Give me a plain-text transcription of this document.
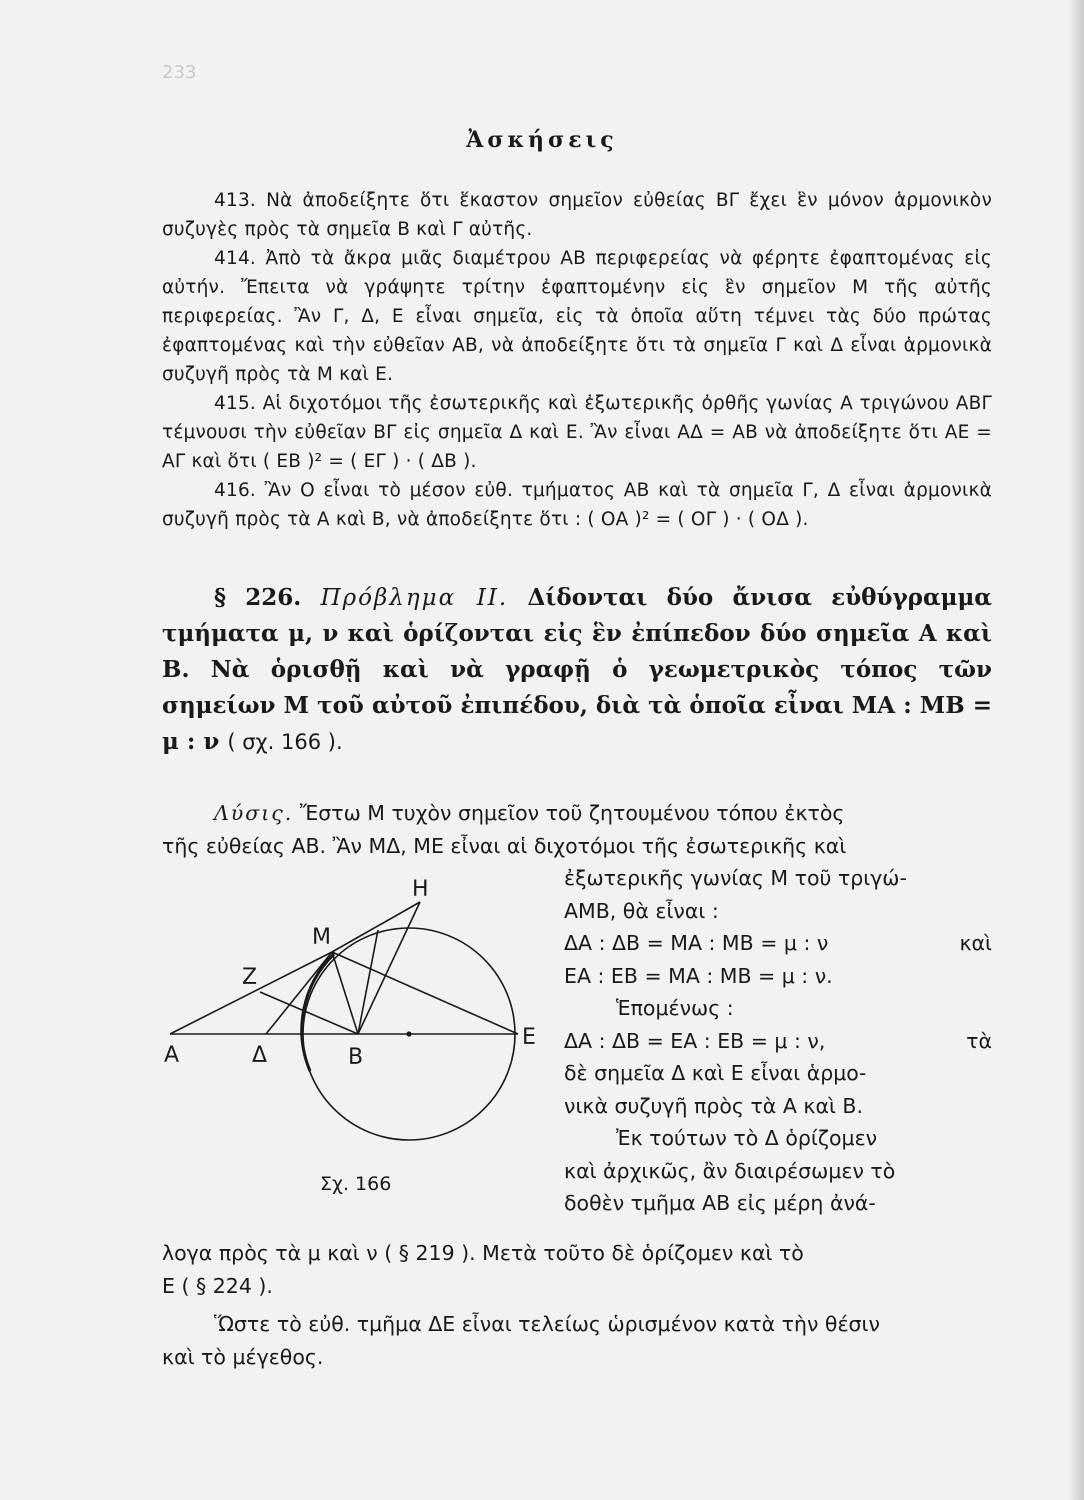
233
Ἀσκήσεις

413. Νὰ ἀποδείξητε ὅτι ἕκαστον σημεῖον εὐθείας ΒΓ ἔχει ἓν μόνον ἁρμονικὸν συζυγὲς πρὸς τὰ σημεῖα Β καὶ Γ αὐτῆς.

414. Ἀπὸ τὰ ἄκρα μιᾶς διαμέτρου ΑΒ περιφερείας νὰ φέρητε ἐφαπτομένας εἰς αὐτήν. Ἔπειτα νὰ γράψητε τρίτην ἐφαπτομένην εἰς ἓν σημεῖον Μ τῆς αὐτῆς περιφερείας. Ἂν Γ, Δ, Ε εἶναι σημεῖα, εἰς τὰ ὁποῖα αὕτη τέμνει τὰς δύο πρώτας ἐφαπτομένας καὶ τὴν εὐθεῖαν ΑΒ, νὰ ἀποδείξητε ὅτι τὰ σημεῖα Γ καὶ Δ εἶναι ἁρμονικὰ συζυγῆ πρὸς τὰ Μ καὶ Ε.

415. Αἱ διχοτόμοι τῆς ἐσωτερικῆς καὶ ἐξωτερικῆς ὀρθῆς γωνίας Α τριγώνου ΑΒΓ τέμνουσι τὴν εὐθεῖαν ΒΓ εἰς σημεῖα Δ καὶ Ε. Ἂν εἶναι ΑΔ = ΑΒ νὰ ἀποδείξητε ὅτι ΑΕ = ΑΓ καὶ ὅτι ( ΕΒ )² = ( ΕΓ ) · ( ΔΒ ).

416. Ἂν Ο εἶναι τὸ μέσον εὐθ. τμήματος ΑΒ καὶ τὰ σημεῖα Γ, Δ εἶναι ἁρμονικὰ συζυγῆ πρὸς τὰ Α καὶ Β, νὰ ἀποδείξητε ὅτι : ( ΟΑ )² = ( ΟΓ ) · ( ΟΔ ).

§ 226. Πρόβλημα ΙΙ. Δίδονται δύο ἄνισα εὐθύγραμμα τμήματα μ, ν καὶ ὁρίζονται εἰς ἓν ἐπίπεδον δύο σημεῖα Α καὶ Β. Νὰ ὁρισθῇ καὶ νὰ γραφῇ ὁ γεωμετρικὸς τόπος τῶν σημείων Μ τοῦ αὐτοῦ ἐπιπέδου, διὰ τὰ ὁποῖα εἶναι ΜΑ : ΜΒ = μ : ν ( σχ. 166 ).

Λύσις. Ἔστω Μ τυχὸν σημεῖον τοῦ ζητουμένου τόπου ἐκτὸς
τῆς εὐθείας ΑΒ. Ἂν ΜΔ, ΜΕ εἶναι αἱ διχοτόμοι τῆς ἐσωτερικῆς καὶ
ἐξωτερικῆς γωνίας Μ τοῦ τριγώ-
ΑΜΒ, θὰ εἶναι :
ΔΑ : ΔΒ = ΜΑ : ΜΒ = μ : ν	καὶ
ΕΑ : ΕΒ = ΜΑ : ΜΒ = μ : ν.
Ἑπομένως :
ΔΑ : ΔΒ = ΕΑ : ΕΒ = μ : ν,	τὰ
δὲ σημεῖα Δ καὶ Ε εἶναι ἁρμο-
νικὰ συζυγῆ πρὸς τὰ Α καὶ Β.
Ἐκ τούτων τὸ Δ ὁρίζομεν
καὶ ἀρχικῶς, ἂν διαιρέσωμεν τὸ
δοθὲν τμῆμα ΑΒ εἰς μέρη ἀνά-
λογα πρὸς τὰ μ καὶ ν ( § 219 ). Μετὰ τοῦτο δὲ ὁρίζομεν καὶ τὸ
Ε ( § 224 ).
Ὥστε τὸ εὐθ. τμῆμα ΔΕ εἶναι τελείως ὡρισμένον κατὰ τὴν θέσιν
καὶ τὸ μέγεθος.
Α	Δ	Β
Ε
Μ
Ζ
Η
Σχ. 166
